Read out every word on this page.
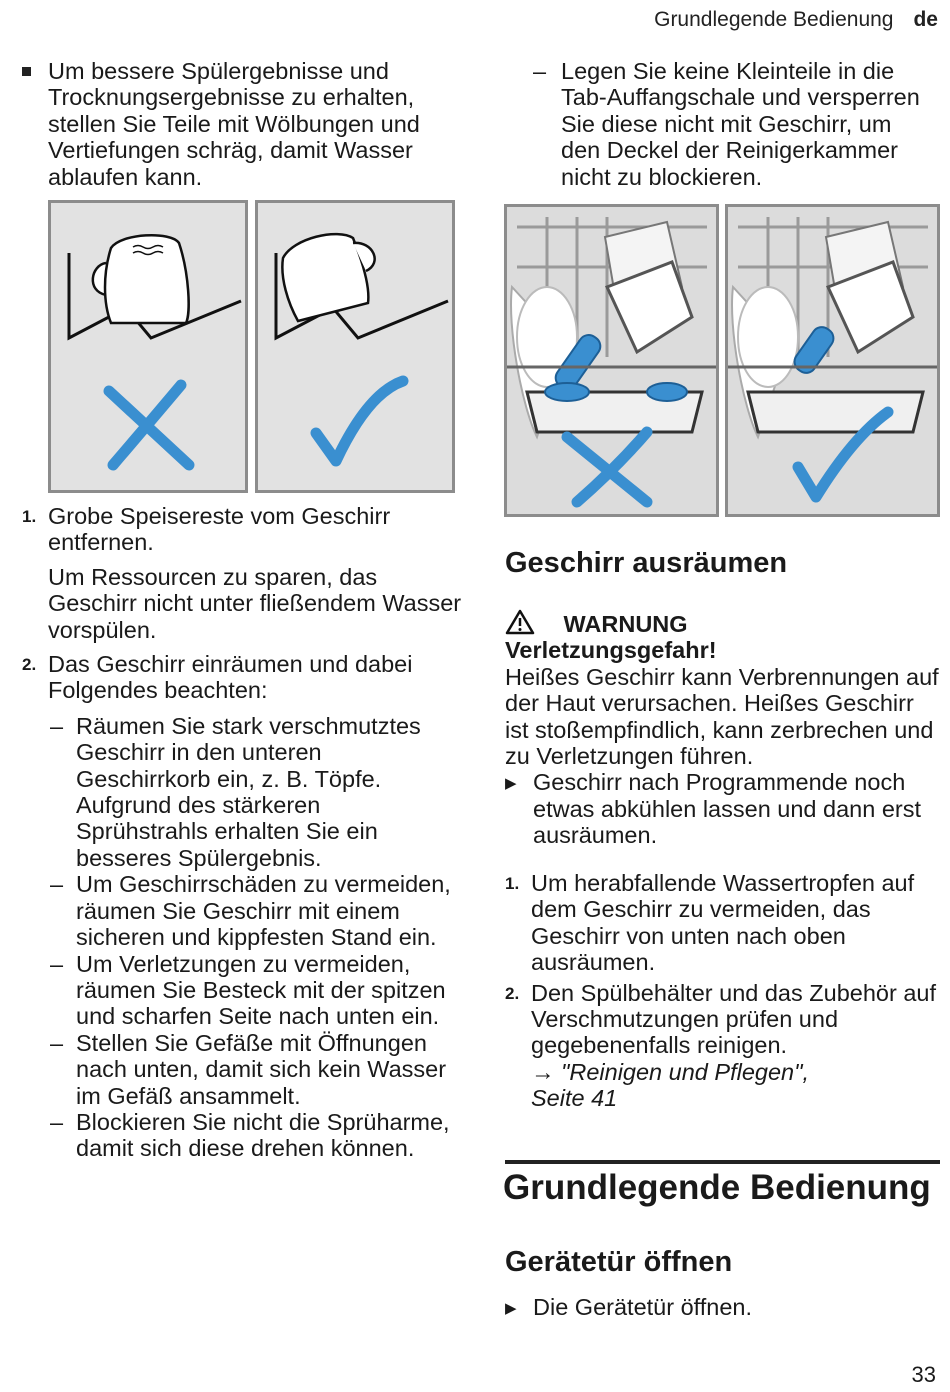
Grundlegende Bedienung de
Um bessere Spülergebnisse und Trocknungsergebnisse zu erhalten, stellen Sie Teile mit Wölbungen und Vertiefungen schräg, damit Wasser ablaufen kann.
1. Grobe Speisereste vom Geschirr entfernen.
Um Ressourcen zu sparen, das Geschirr nicht unter fließendem Wasser vorspülen.
2. Das Geschirr einräumen und dabei Folgendes beachten:
– Räumen Sie stark verschmutztes Geschirr in den unteren Geschirrkorb ein, z. B. Töpfe. Aufgrund des stärkeren Sprühstrahls erhalten Sie ein besseres Spülergebnis.
– Um Geschirrschäden zu vermeiden, räumen Sie Geschirr mit einem sicheren und kippfesten Stand ein.
– Um Verletzungen zu vermeiden, räumen Sie Besteck mit der spitzen und scharfen Seite nach unten ein.
– Stellen Sie Gefäße mit Öffnungen nach unten, damit sich kein Wasser im Gefäß ansammelt.
– Blockieren Sie nicht die Sprüharme, damit sich diese drehen können.
– Legen Sie keine Kleinteile in die Tab-Auffangschale und versperren Sie diese nicht mit Geschirr, um den Deckel der Reinigerkammer nicht zu blockieren.
Geschirr ausräumen
WARNUNG
Verletzungsgefahr!
Heißes Geschirr kann Verbrennungen auf der Haut verursachen. Heißes Geschirr ist stoßempfindlich, kann zerbrechen und zu Verletzungen führen.
▶ Geschirr nach Programmende noch etwas abkühlen lassen und dann erst ausräumen.
1. Um herabfallende Wassertropfen auf dem Geschirr zu vermeiden, das Geschirr von unten nach oben ausräumen.
2. Den Spülbehälter und das Zubehör auf Verschmutzungen prüfen und gegebenenfalls reinigen.
→ "Reinigen und Pflegen", Seite 41
Grundlegende Bedienung
Gerätetür öffnen
▶ Die Gerätetür öffnen.
33
